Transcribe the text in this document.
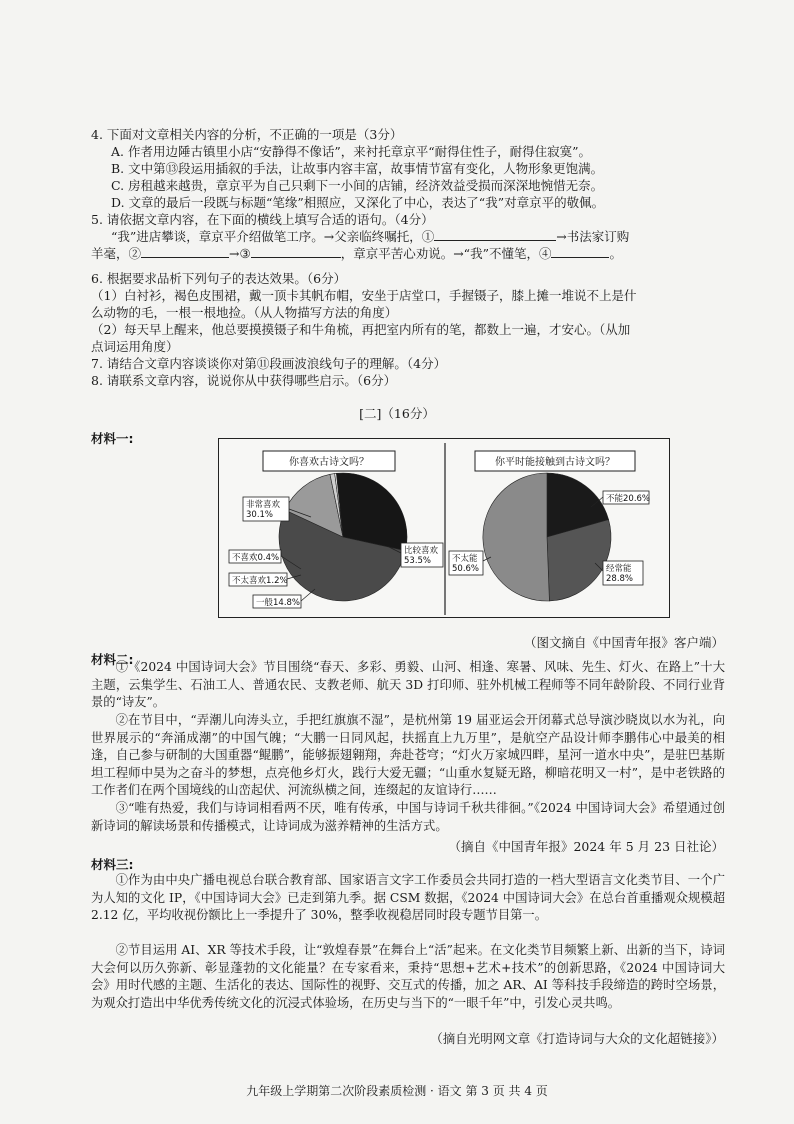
4. 下面对文章相关内容的分析，不正确的一项是（3分）
A. 作者用边陲古镇里小店“安静得不像话”，来衬托章京平“耐得住性子，耐得住寂寞”。
B. 文中第⑬段运用插叙的手法，让故事内容丰富，故事情节富有变化，人物形象更饱满。
C. 房租越来越贵，章京平为自己只剩下一小间的店铺，经济效益受损而深深地惋惜无奈。
D. 文章的最后一段既与标题“笔缘”相照应，又深化了中心，表达了“我”对章京平的敬佩。
5. 请依据文章内容，在下面的横线上填写合适的语句。（4分）
“我”进店攀谈，章京平介绍做笔工序。→父亲临终嘱托，①	→书法家订购
羊毫，②	→③	，章京平苦心劝说。→“我”不懂笔，④	。
6. 根据要求品析下列句子的表达效果。（6分）
（1）白衬衫，褐色皮围裙，戴一顶卡其帆布帽，安坐于店堂口，手握镊子，膝上摊一堆说不上是什
么动物的毛，一根一根地捡。（从人物描写方法的角度）
（2）每天早上醒来，他总要摸摸镊子和牛角梳，再把室内所有的笔，都数上一遍，才安心。（从加
点词运用角度）
7. 请结合文章内容谈谈你对第⑪段画波浪线句子的理解。（4分）
8. 请联系文章内容，说说你从中获得哪些启示。（6分）
[二]（16分）
材料一:
你喜欢古诗文吗？	你平时能接触到古诗文吗？
非常喜欢
30.1%
比较喜欢
53.5%
不喜欢0.4%
不太喜欢1.2%
一般14.8%
不能20.6%
经常能
28.8%
不太能
50.6%
（图文摘自《中国青年报》客户端）
材料二:
①《2024 中国诗词大会》节目围绕“春天、多彩、勇毅、山河、相逢、寒暑、风味、先生、灯火、在路上”十大主题，云集学生、石油工人、普通农民、支教老师、航天 3D 打印师、驻外机械工程师等不同年龄阶段、不同行业背景的“诗友”。
②在节目中，“弄潮儿向涛头立，手把红旗旗不湿”，是杭州第 19 届亚运会开闭幕式总导演沙晓岚以水为礼，向世界展示的“奔涌成潮”的中国气魄；“大鹏一日同风起，扶摇直上九万里”，是航空产品设计师李鹏伟心中最美的相逢，自己参与研制的大国重器“鲲鹏”，能够振翅翱翔，奔赴苍穹；“灯火万家城四畔，星河一道水中央”，是驻巴基斯坦工程师中昊为之奋斗的梦想，点亮他乡灯火，践行大爱无疆；“山重水复疑无路，柳暗花明又一村”，是中老铁路的工作者们在两个国境线的山峦起伏、河流纵横之间，连缀起的友谊诗行……
③“唯有热爱，我们与诗词相看两不厌，唯有传承，中国与诗词千秋共徘徊。”《2024 中国诗词大会》希望通过创新诗词的解读场景和传播模式，让诗词成为滋养精神的生活方式。
（摘自《中国青年报》2024 年 5 月 23 日社论）
材料三:
①作为由中央广播电视总台联合教育部、国家语言文字工作委员会共同打造的一档大型语言文化类节目、一个广为人知的文化 IP，《中国诗词大会》已走到第九季。据 CSM 数据，《2024 中国诗词大会》在总台首重播观众规模超 2.12 亿，平均收视份额比上一季提升了 30%，整季收视稳居同时段专题节目第一。
②节目运用 AI、XR 等技术手段，让“敦煌春景”在舞台上“活”起来。在文化类节目频繁上新、出新的当下，诗词大会何以历久弥新、彰显蓬勃的文化能量？在专家看来，秉持“思想+艺术+技术”的创新思路，《2024 中国诗词大会》用时代感的主题、生活化的表达、国际性的视野、交互式的传播，加之 AR、AI 等科技手段缔造的跨时空场景，为观众打造出中华优秀传统文化的沉浸式体验场，在历史与当下的“一眼千年”中，引发心灵共鸣。
（摘自光明网文章《打造诗词与大众的文化超链接》）
九年级上学期第二次阶段素质检测 · 语文 第 3 页 共 4 页
